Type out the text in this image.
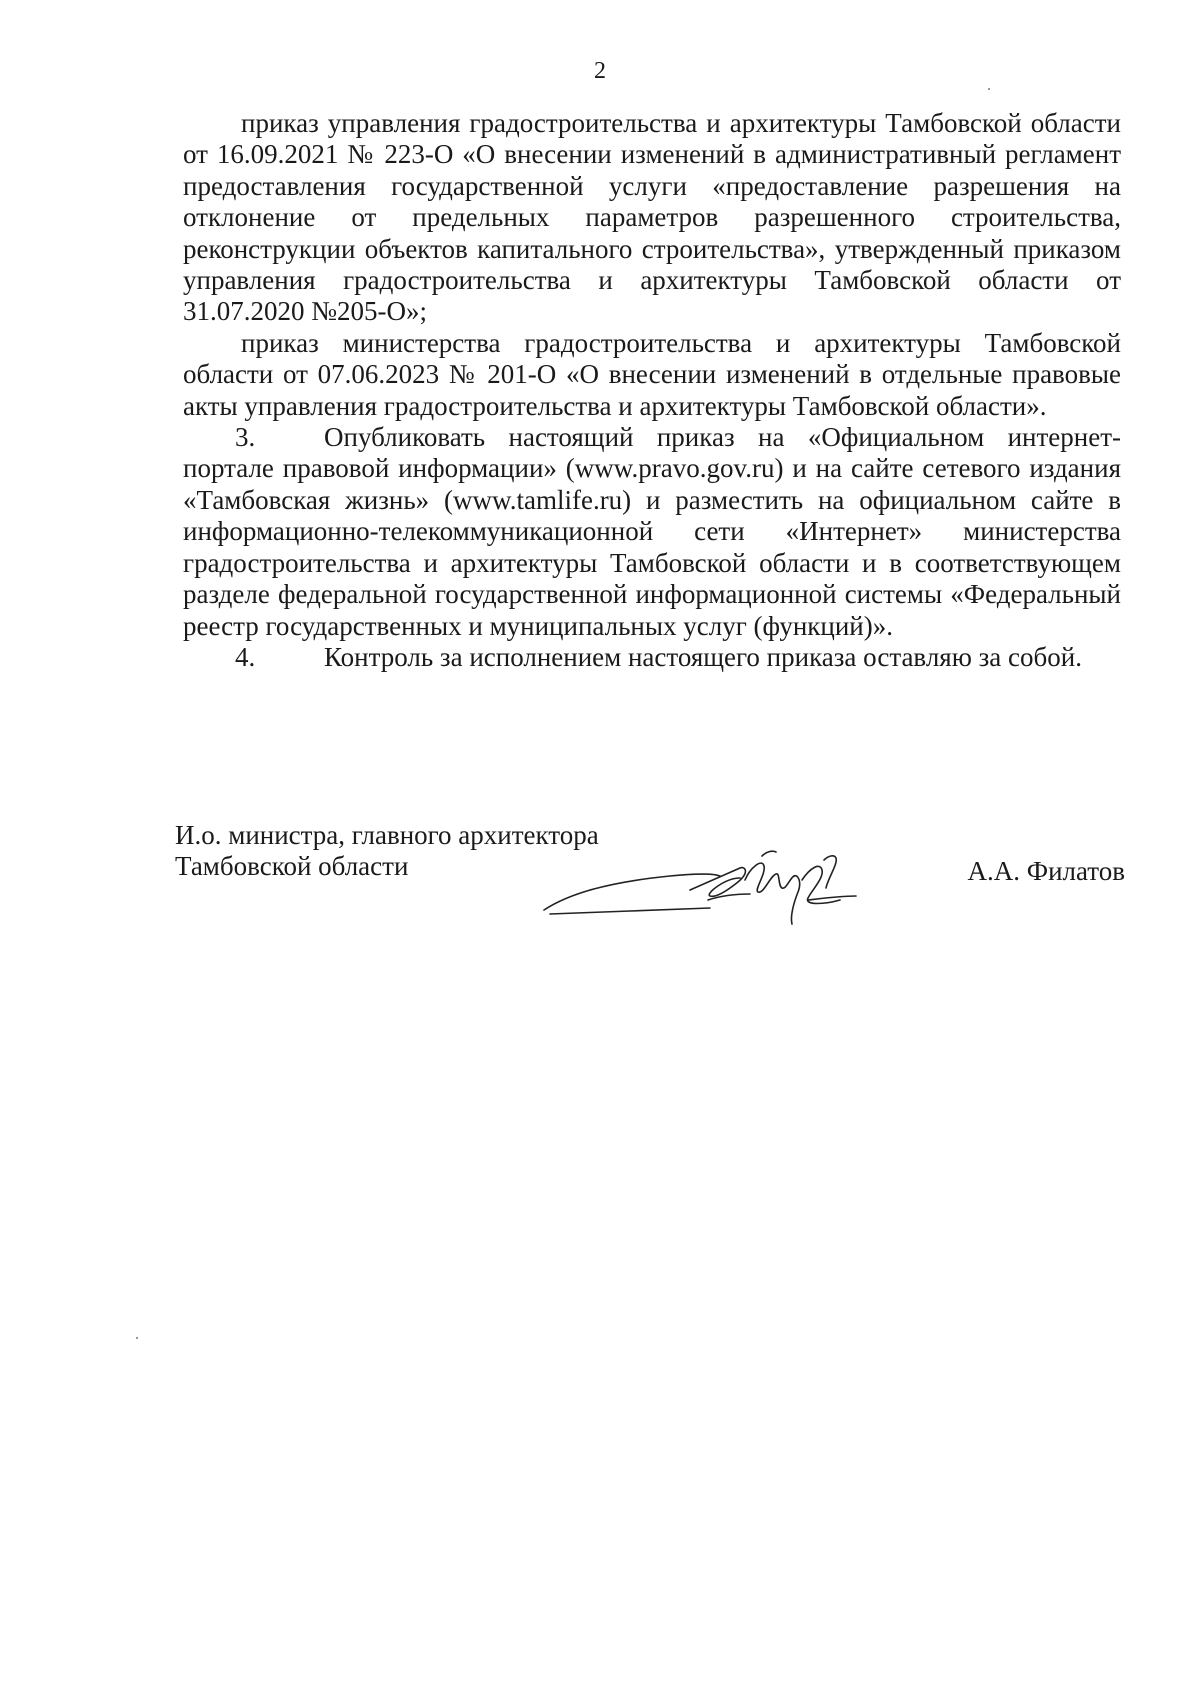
2

приказ управления градостроительства и архитектуры Тамбовской области от 16.09.2021 № 223-О «О внесении изменений в административный регламент предоставления государственной услуги «предоставление разрешения на отклонение от предельных параметров разрешенного строительства, реконструкции объектов капитального строительства», утвержденный приказом управления градостроительства и архитектуры Тамбовской области от 31.07.2020 №205-О»;

приказ министерства градостроительства и архитектуры Тамбовской области от 07.06.2023 № 201-О «О внесении изменений в отдельные правовые акты управления градостроительства и архитектуры Тамбовской области».

3.	Опубликовать настоящий приказ на «Официальном интернет-портале правовой информации» (www.pravo.gov.ru) и на сайте сетевого издания «Тамбовская жизнь» (www.tamlife.ru) и разместить на официальном сайте в информационно-телекоммуникационной сети «Интернет» министерства градостроительства и архитектуры Тамбовской области и в соответствующем разделе федеральной государственной информационной системы «Федеральный реестр государственных и муниципальных услуг (функций)».

4.	Контроль за исполнением настоящего приказа оставляю за собой.

И.о. министра, главного архитектора
Тамбовской области	А.А. Филатов
